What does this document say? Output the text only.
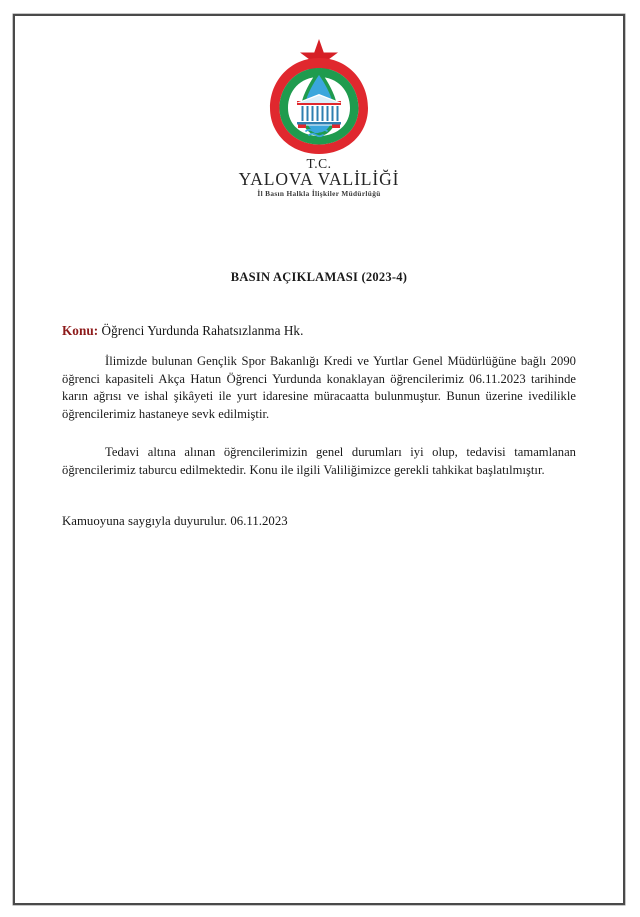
T.C.
YALOVA VALİLİĞİ
İl Basın Halkla İlişkiler Müdürlüğü
BASIN AÇIKLAMASI (2023-4)
Konu: Öğrenci Yurdunda Rahatsızlanma Hk.

İlimizde bulunan Gençlik Spor Bakanlığı Kredi ve Yurtlar Genel Müdürlüğüne bağlı 2090 öğrenci kapasiteli Akça Hatun Öğrenci Yurdunda konaklayan öğrencilerimiz 06.11.2023 tarihinde karın ağrısı ve ishal şikâyeti ile yurt idaresine müracaatta bulunmuştur. Bunun üzerine ivedilikle öğrencilerimiz hastaneye sevk edilmiştir.

Tedavi altına alınan öğrencilerimizin genel durumları iyi olup, tedavisi tamamlanan öğrencilerimiz taburcu edilmektedir. Konu ile ilgili Valiliğimizce gerekli tahkikat başlatılmıştır.

Kamuoyuna saygıyla duyurulur. 06.11.2023
